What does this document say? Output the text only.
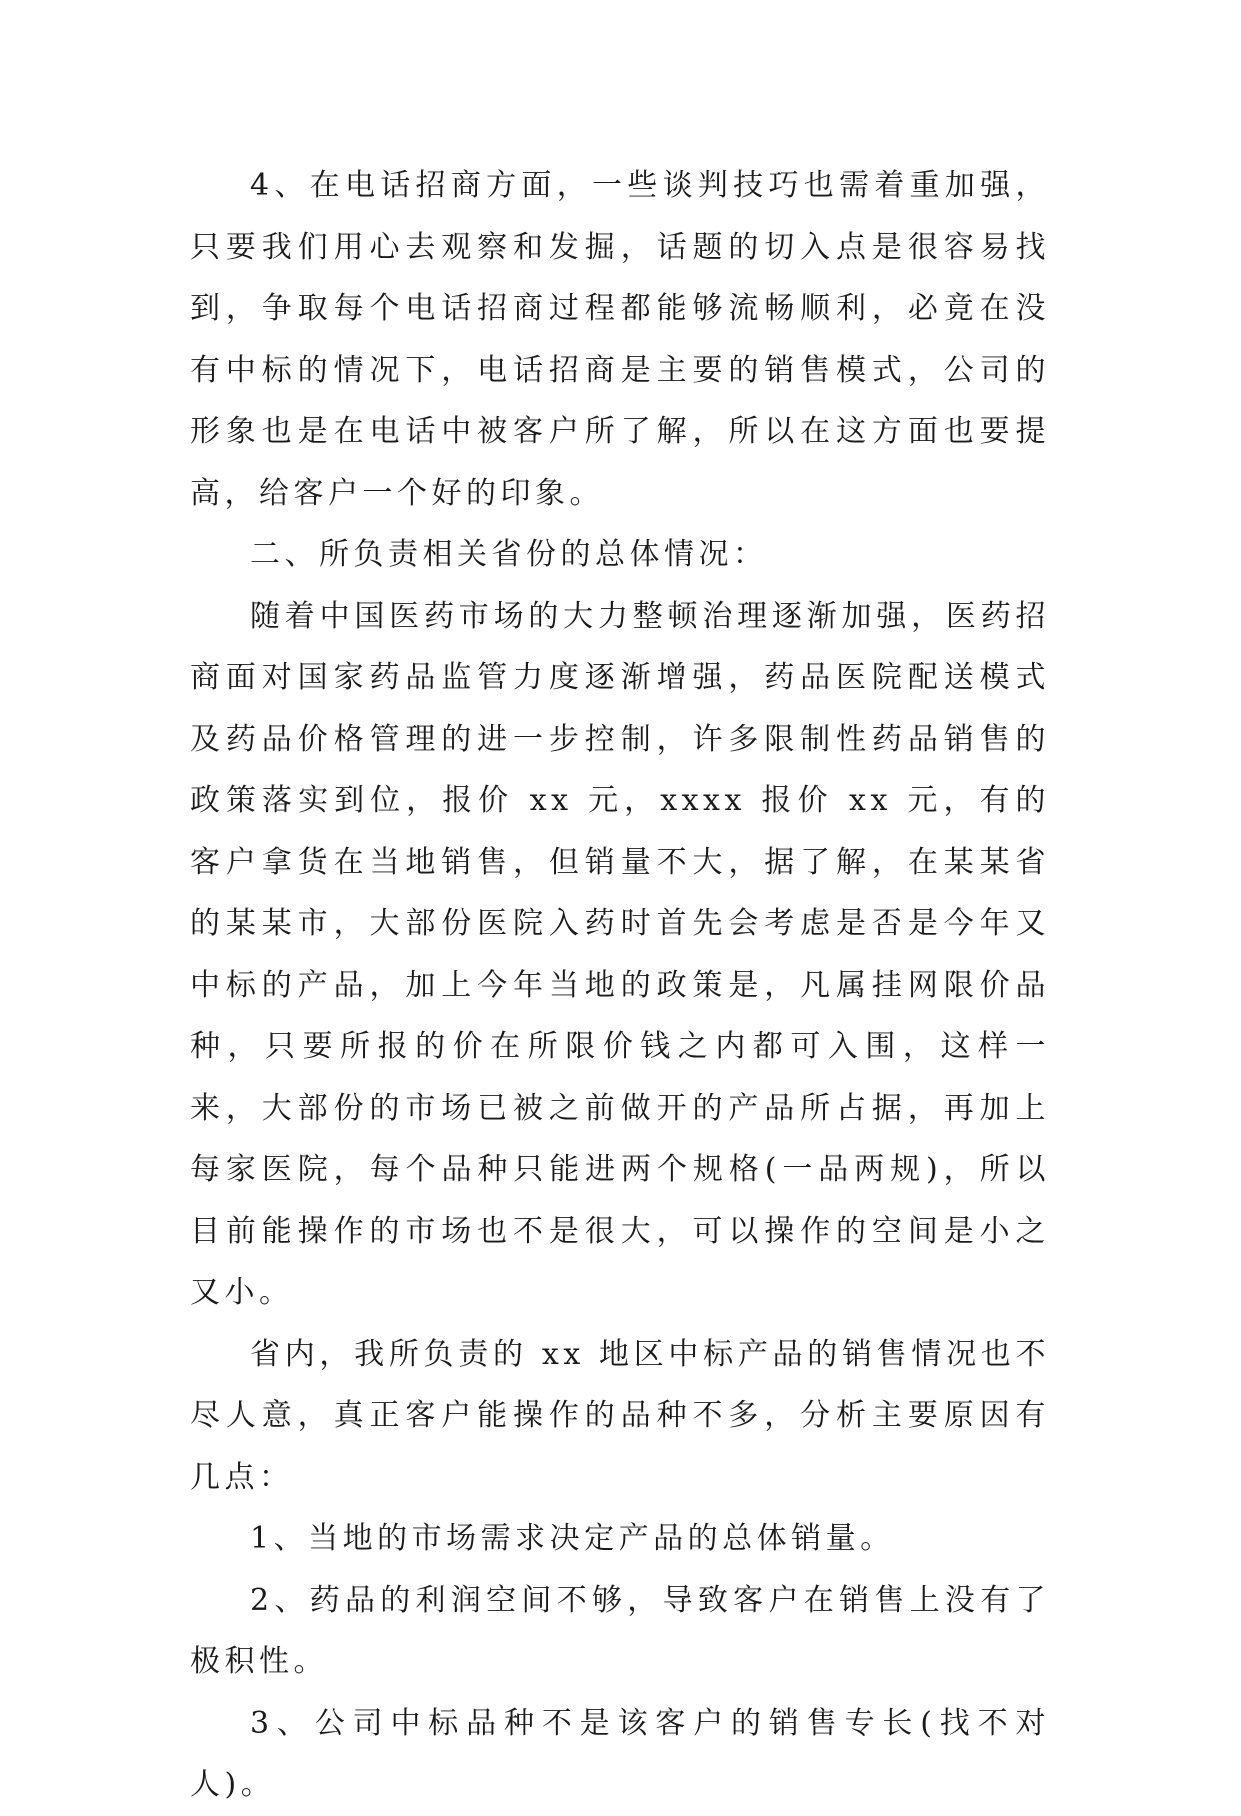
4、在电话招商方面，一些谈判技巧也需着重加强，只要我们用心去观察和发掘，话题的切入点是很容易找到，争取每个电话招商过程都能够流畅顺利，必竟在没有中标的情况下，电话招商是主要的销售模式，公司的形象也是在电话中被客户所了解，所以在这方面也要提高，给客户一个好的印象。

二、所负责相关省份的总体情况：

随着中国医药市场的大力整顿治理逐渐加强，医药招商面对国家药品监管力度逐渐增强，药品医院配送模式及药品价格管理的进一步控制，许多限制性药品销售的政策落实到位，报价 xx 元，xxxx 报价 xx 元，有的客户拿货在当地销售，但销量不大，据了解，在某某省的某某市，大部份医院入药时首先会考虑是否是今年又中标的产品，加上今年当地的政策是，凡属挂网限价品种，只要所报的价在所限价钱之内都可入围，这样一来，大部份的市场已被之前做开的产品所占据，再加上每家医院，每个品种只能进两个规格(一品两规)，所以目前能操作的市场也不是很大，可以操作的空间是小之又小。

省内，我所负责的 xx 地区中标产品的销售情况也不尽人意，真正客户能操作的品种不多，分析主要原因有几点：

1、当地的市场需求决定产品的总体销量。

2、药品的利润空间不够，导致客户在销售上没有了极积性。

3、公司中标品种不是该客户的销售专长(找不对人)。
